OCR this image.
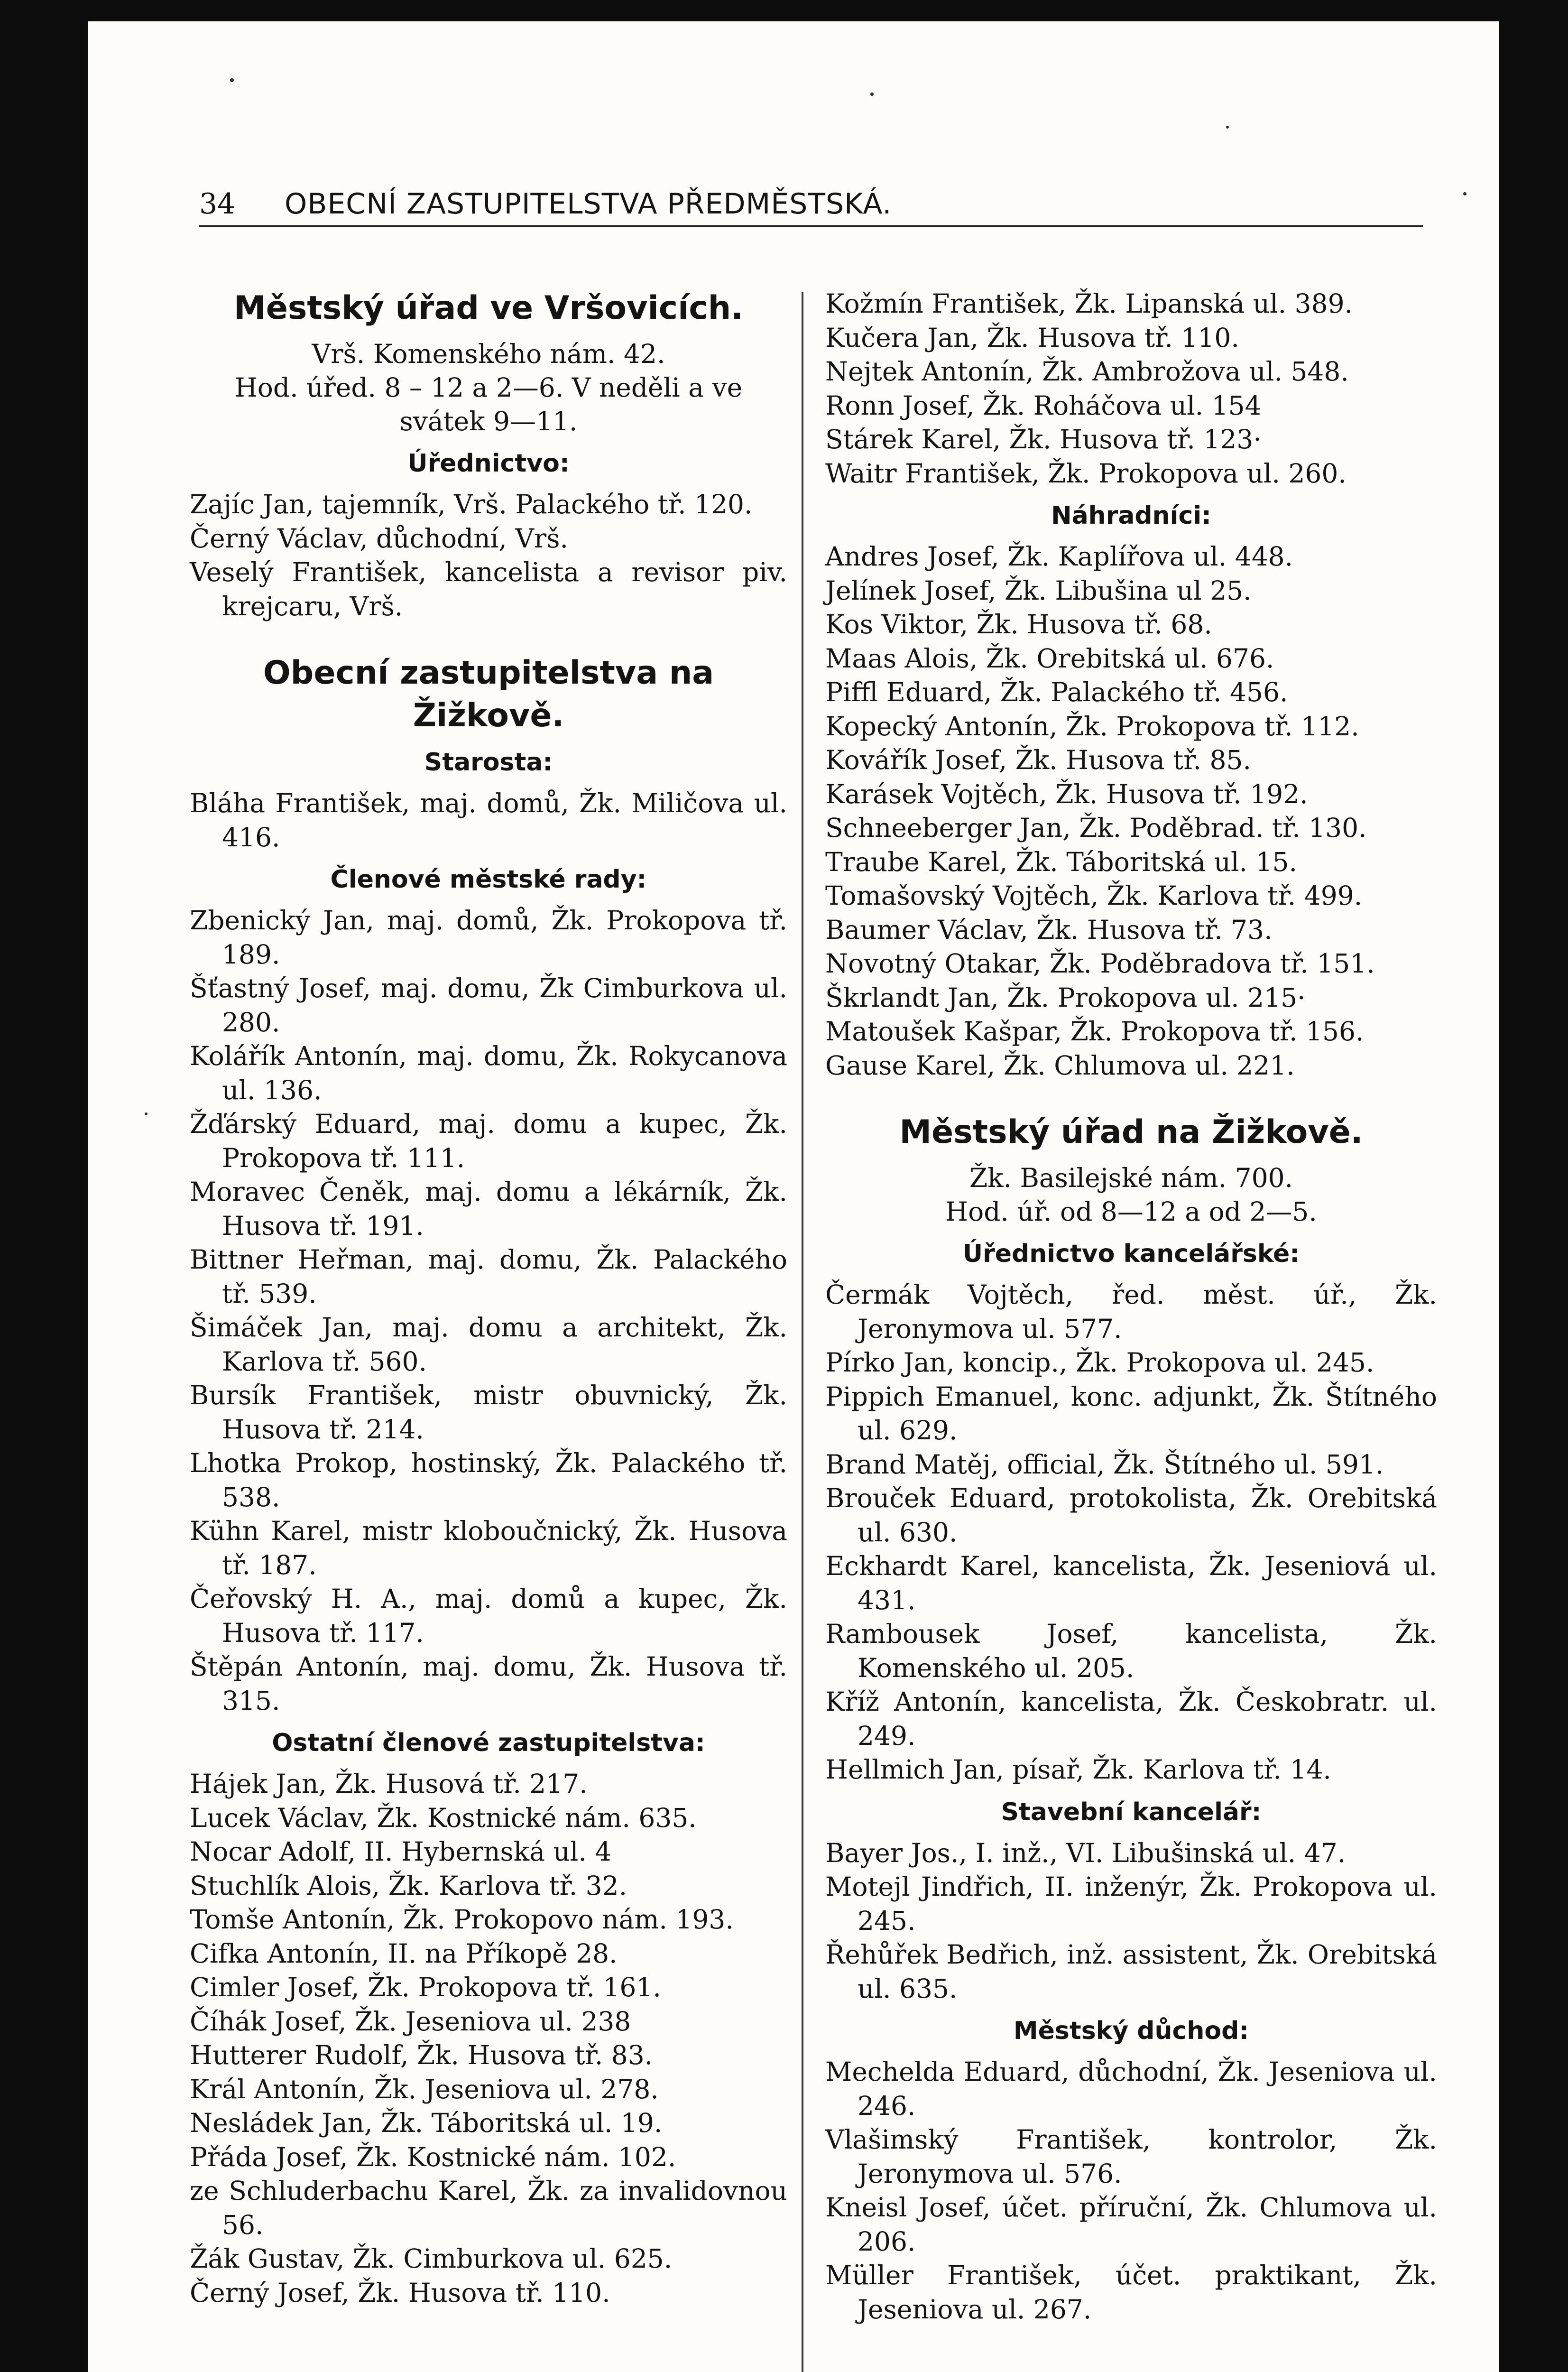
34 OBECNÍ ZASTUPITELSTVA PŘEDMĚSTSKÁ.
Městský úřad ve Vršovicích.
Vrš. Komenského nám. 42.
Hod. úřed. 8 – 12 a 2—6. V neděli a ve svátek 9—11.
Úřednictvo:
Zajíc Jan, tajemník, Vrš. Palackého tř. 120.
Černý Václav, důchodní, Vrš.
Veselý František, kancelista a revisor piv. krejcaru, Vrš.
Obecní zastupitelstva na Žižkově.
Starosta:
Bláha František, maj. domů, Žk. Miličova ul. 416.
Členové městské rady:
Zbenický Jan, maj. domů, Žk. Prokopova tř. 189.
Šťastný Josef, maj. domu, Žk Cimburkova ul. 280.
Kolářík Antonín, maj. domu, Žk. Rokycanova ul. 136.
Žďárský Eduard, maj. domu a kupec, Žk. Prokopova tř. 111.
Moravec Čeněk, maj. domu a lékárník, Žk. Husova tř. 191.
Bittner Heřman, maj. domu, Žk. Palackého tř. 539.
Šimáček Jan, maj. domu a architekt, Žk. Karlova tř. 560.
Bursík František, mistr obuvnický, Žk. Husova tř. 214.
Lhotka Prokop, hostinský, Žk. Palackého tř. 538.
Kühn Karel, mistr kloboučnický, Žk. Husova tř. 187.
Čeřovský H. A., maj. domů a kupec, Žk. Husova tř. 117.
Štěpán Antonín, maj. domu, Žk. Husova tř. 315.
Ostatní členové zastupitelstva:
Hájek Jan, Žk. Husová tř. 217.
Lucek Václav, Žk. Kostnické nám. 635.
Nocar Adolf, II. Hybernská ul. 4
Stuchlík Alois, Žk. Karlova tř. 32.
Tomše Antonín, Žk. Prokopovo nám. 193.
Cifka Antonín, II. na Příkopě 28.
Cimler Josef, Žk. Prokopova tř. 161.
Číhák Josef, Žk. Jeseniova ul. 238
Hutterer Rudolf, Žk. Husova tř. 83.
Král Antonín, Žk. Jeseniova ul. 278.
Nesládek Jan, Žk. Táboritská ul. 19.
Přáda Josef, Žk. Kostnické nám. 102.
ze Schluderbachu Karel, Žk. za invalidovnou 56.
Žák Gustav, Žk. Cimburkova ul. 625.
Černý Josef, Žk. Husova tř. 110.
Kožmín František, Žk. Lipanská ul. 389.
Kučera Jan, Žk. Husova tř. 110.
Nejtek Antonín, Žk. Ambrožova ul. 548.
Ronn Josef, Žk. Roháčova ul. 154
Stárek Karel, Žk. Husova tř. 123·
Waitr František, Žk. Prokopova ul. 260.
Náhradníci:
Andres Josef, Žk. Kaplířova ul. 448.
Jelínek Josef, Žk. Libušina ul 25.
Kos Viktor, Žk. Husova tř. 68.
Maas Alois, Žk. Orebitská ul. 676.
Piffl Eduard, Žk. Palackého tř. 456.
Kopecký Antonín, Žk. Prokopova tř. 112.
Kovářík Josef, Žk. Husova tř. 85.
Karásek Vojtěch, Žk. Husova tř. 192.
Schneeberger Jan, Žk. Poděbrad. tř. 130.
Traube Karel, Žk. Táboritská ul. 15.
Tomašovský Vojtěch, Žk. Karlova tř. 499.
Baumer Václav, Žk. Husova tř. 73.
Novotný Otakar, Žk. Poděbradova tř. 151.
Škrlandt Jan, Žk. Prokopova ul. 215·
Matoušek Kašpar, Žk. Prokopova tř. 156.
Gause Karel, Žk. Chlumova ul. 221.
Městský úřad na Žižkově.
Žk. Basilejské nám. 700.
Hod. úř. od 8—12 a od 2—5.
Úřednictvo kancelářské:
Čermák Vojtěch, řed. měst. úř., Žk. Jeronymova ul. 577.
Pírko Jan, koncip., Žk. Prokopova ul. 245.
Pippich Emanuel, konc. adjunkt, Žk. Štítného ul. 629.
Brand Matěj, official, Žk. Štítného ul. 591.
Brouček Eduard, protokolista, Žk. Orebitská ul. 630.
Eckhardt Karel, kancelista, Žk. Jeseniová ul. 431.
Rambousek Josef, kancelista, Žk. Komenského ul. 205.
Kříž Antonín, kancelista, Žk. Českobratr. ul. 249.
Hellmich Jan, písař, Žk. Karlova tř. 14.
Stavební kancelář:
Bayer Jos., I. inž., VI. Libušinská ul. 47.
Motejl Jindřich, II. inženýr, Žk. Prokopova ul. 245.
Řehůřek Bedřich, inž. assistent, Žk. Orebitská ul. 635.
Městský důchod:
Mechelda Eduard, důchodní, Žk. Jeseniova ul. 246.
Vlašimský František, kontrolor, Žk. Jeronymova ul. 576.
Kneisl Josef, účet. příruční, Žk. Chlumova ul. 206.
Müller František, účet. praktikant, Žk. Jeseniova ul. 267.
